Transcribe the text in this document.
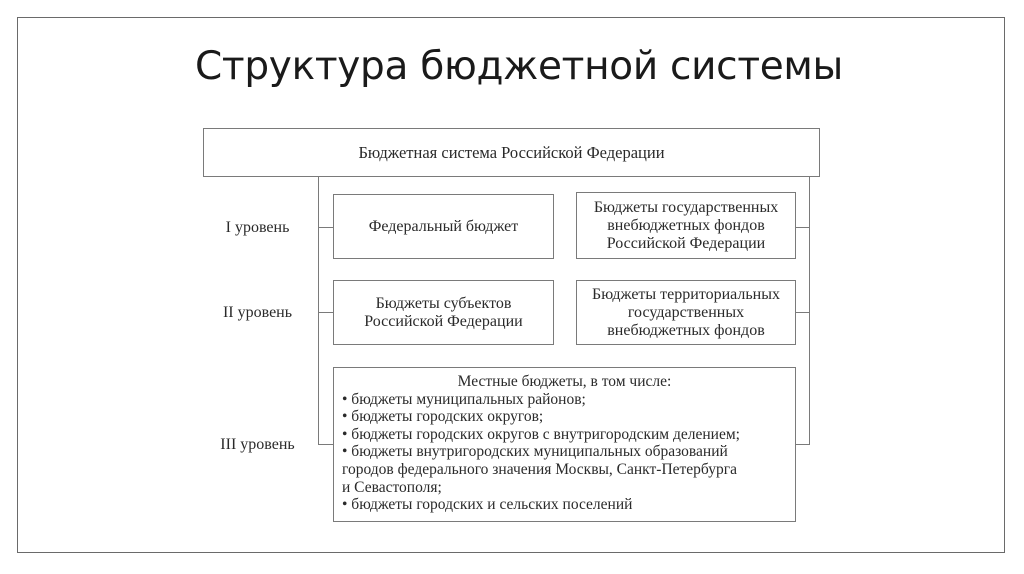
Структура бюджетной системы
Бюджетная система Российской Федерации
I уровень
II уровень
III уровень
Федеральный бюджет
Бюджеты государственных
внебюджетных фондов
Российской Федерации
Бюджеты субъектов
Российской Федерации
Бюджеты территориальных
государственных
внебюджетных фондов
Местные бюджеты, в том числе:
• бюджеты муниципальных районов;
• бюджеты городских округов;
• бюджеты городских округов с внутригородским делением;
• бюджеты внутригородских муниципальных образований
городов федерального значения Москвы, Санкт-Петербурга
и Севастополя;
• бюджеты городских и сельских поселений
